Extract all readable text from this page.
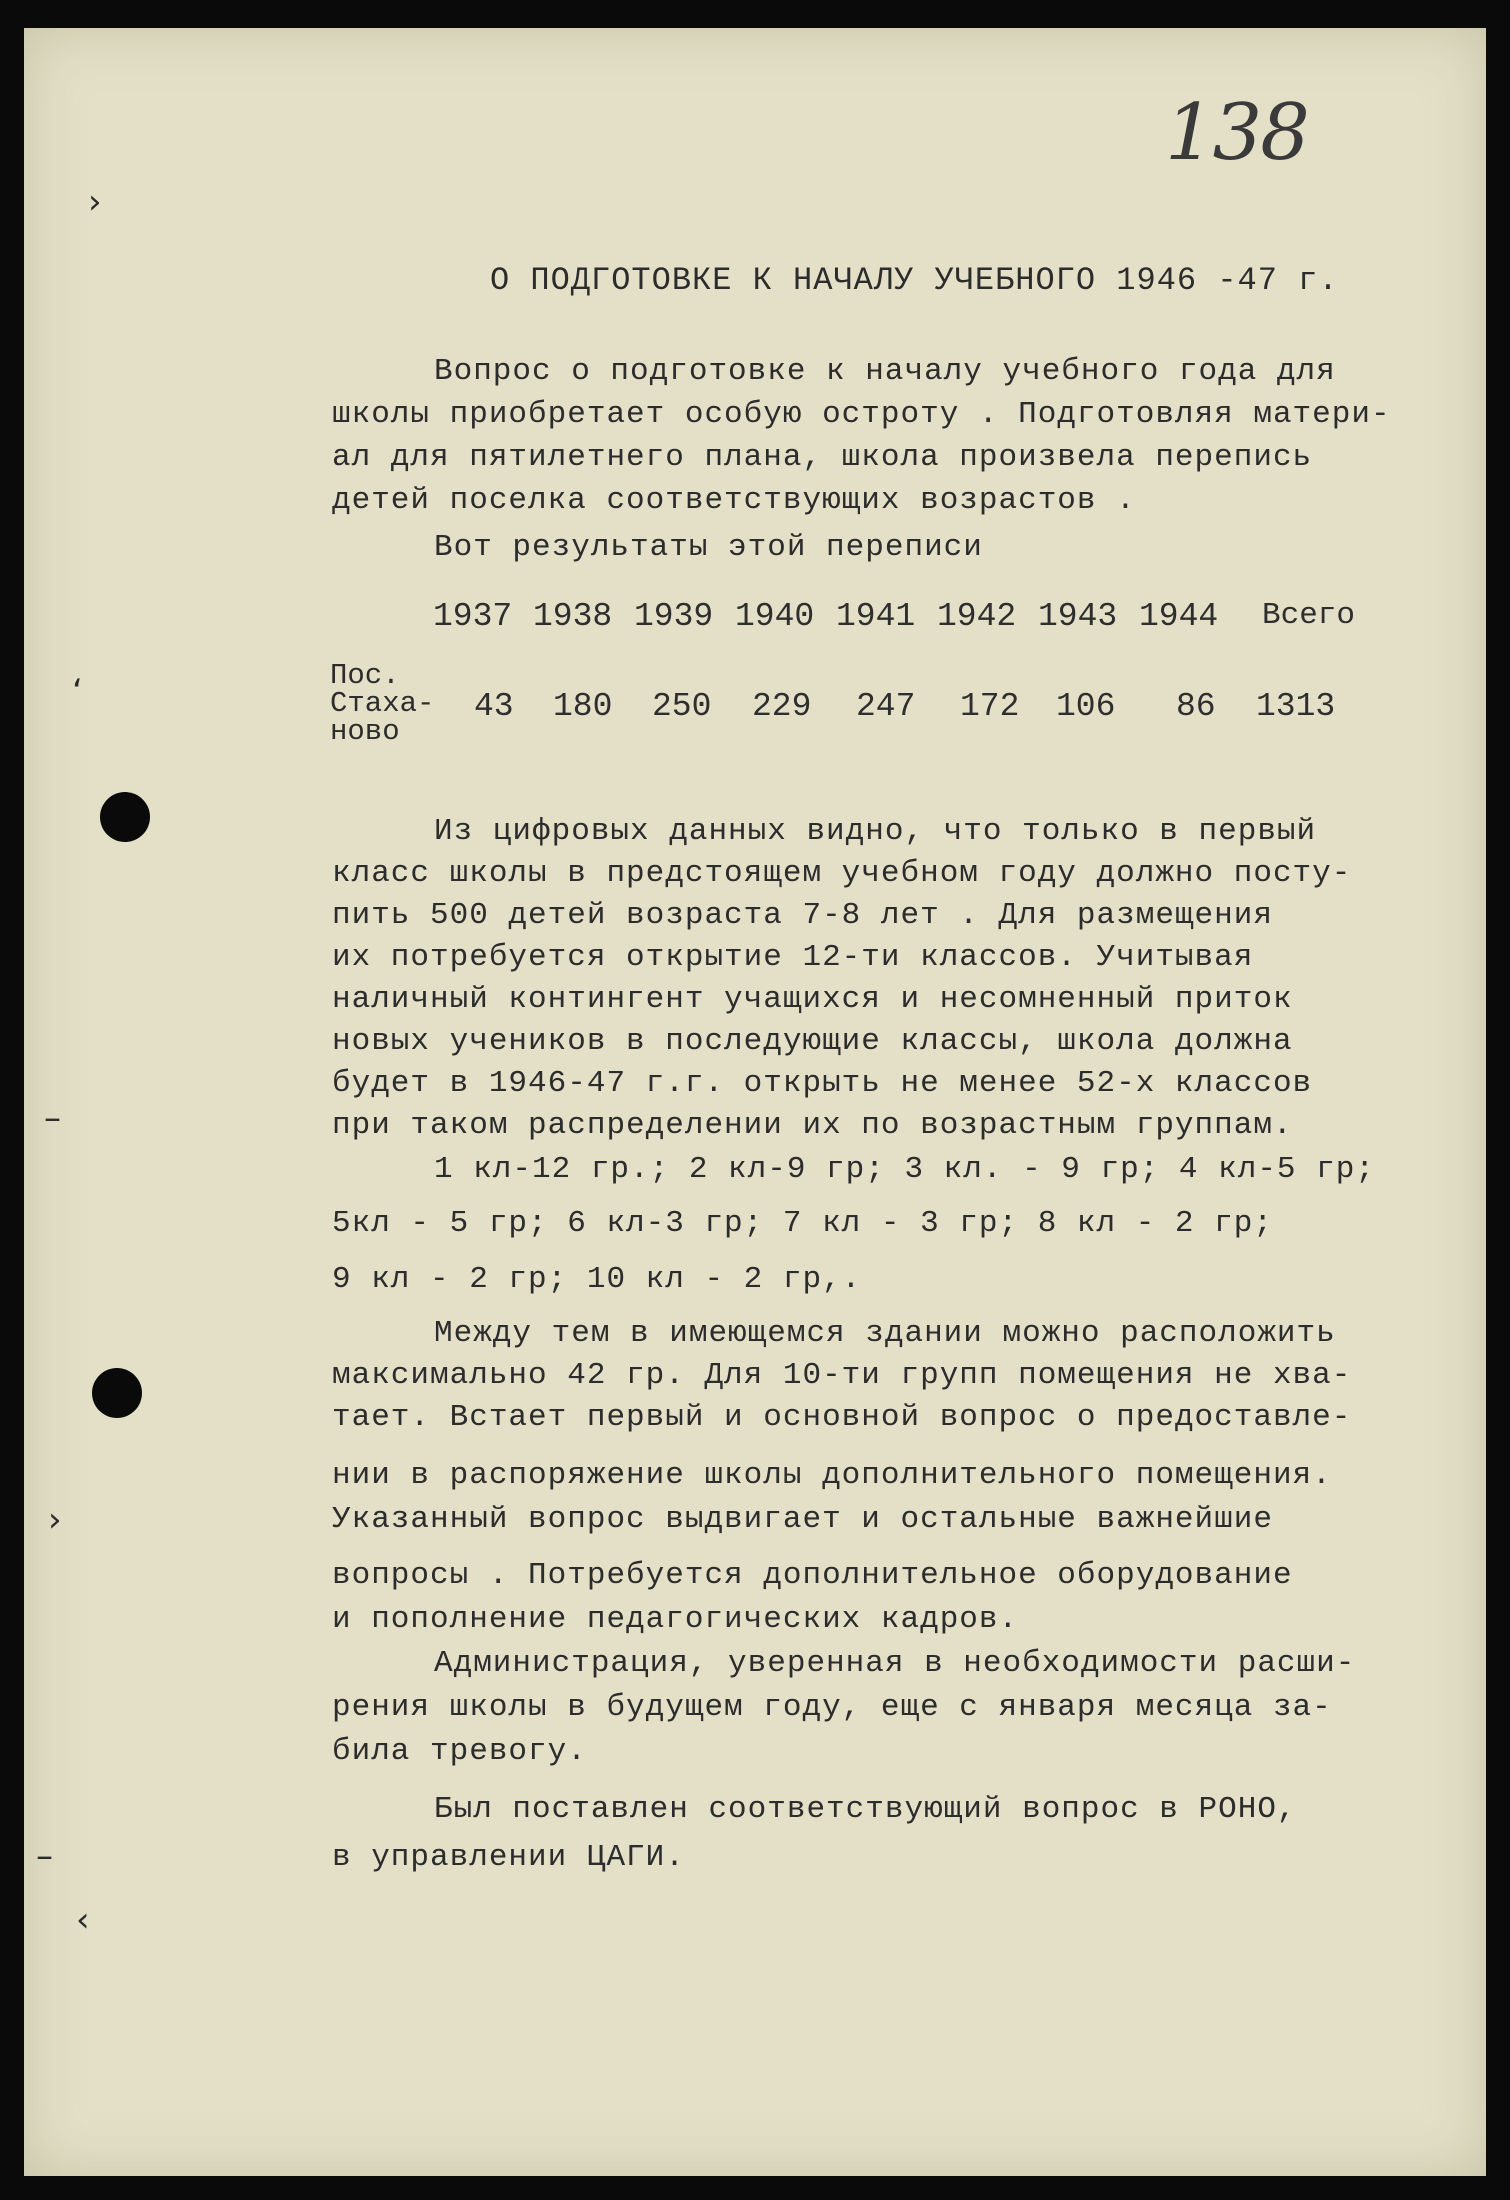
›
‘
–
›
–
‹
138
О ПОДГОТОВКЕ К НАЧАЛУ УЧЕБНОГО 1946 -47 г.
Вопрос о подготовке к началу учебного года для
школы приобретает особую остроту . Подготовляя матери-
ал для пятилетнего плана, школа произвела перепись
детей поселка соответствующих возрастов .
Вот результаты этой переписи
1937 1938 1939 1940 1941 1942 1943 1944 Всего
Пос.
Стаха-
ново
43 180 250 229 247 172 106 86 1313
Из цифровых данных видно, что только в первый
класс школы в предстоящем учебном году должно посту-
пить 500 детей возраста 7-8 лет . Для размещения
их потребуется открытие 12-ти классов. Учитывая
наличный контингент учащихся и несомненный приток
новых учеников в последующие классы, школа должна
будет в 1946-47 г.г. открыть не менее 52-х классов
при таком распределении их по возрастным группам.
1 кл-12 гр.; 2 кл-9 гр; 3 кл. - 9 гр; 4 кл-5 гр;
5кл - 5 гр; 6 кл-3 гр; 7 кл - 3 гр; 8 кл - 2 гр;
9 кл - 2 гр; 10 кл - 2 гр,.
Между тем в имеющемся здании можно расположить
максимально 42 гр. Для 10-ти групп помещения не хва-
тает. Встает первый и основной вопрос о предоставле-
нии в распоряжение школы дополнительного помещения.
Указанный вопрос выдвигает и остальные важнейшие
вопросы . Потребуется дополнительное оборудование
и пополнение педагогических кадров.
Администрация, уверенная в необходимости расши-
рения школы в будущем году, еще с января месяца за-
била тревогу.
Был поставлен соответствующий вопрос в РОНО,
в управлении ЦАГИ.
